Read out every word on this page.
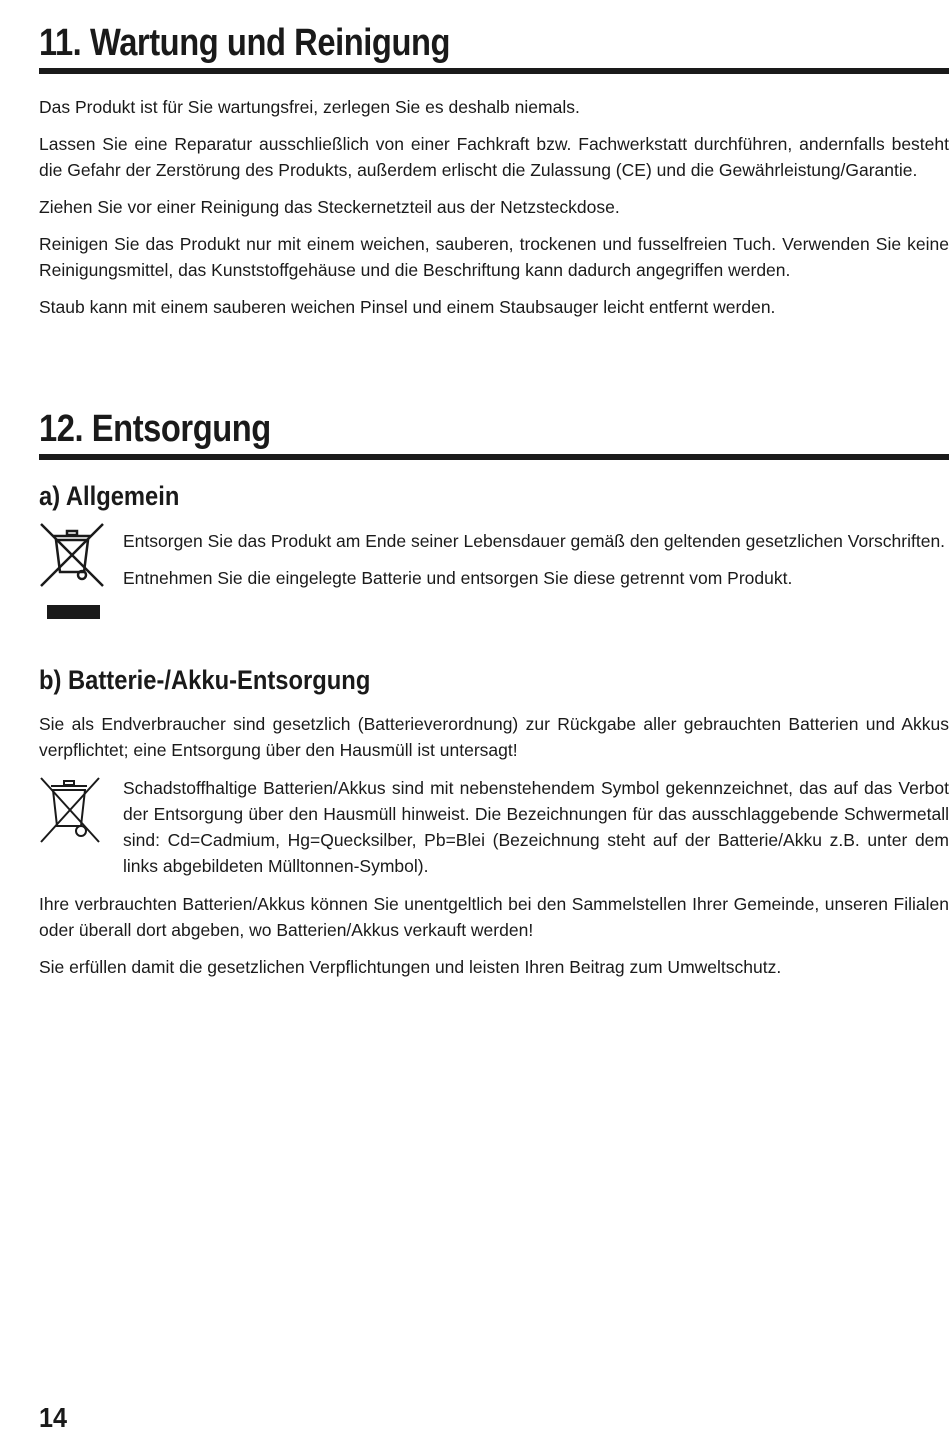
11. Wartung und Reinigung

Das Produkt ist für Sie wartungsfrei, zerlegen Sie es deshalb niemals.

Lassen Sie eine Reparatur ausschließlich von einer Fachkraft bzw. Fachwerkstatt durchführen, andernfalls besteht die Gefahr der Zerstörung des Produkts, außerdem erlischt die Zulassung (CE) und die Gewährleistung/Garantie.

Ziehen Sie vor einer Reinigung das Steckernetzteil aus der Netzsteckdose.

Reinigen Sie das Produkt nur mit einem weichen, sauberen, trockenen und fusselfreien Tuch. Verwenden Sie keine Reinigungsmittel, das Kunststoffgehäuse und die Beschriftung kann dadurch angegriffen werden.

Staub kann mit einem sauberen weichen Pinsel und einem Staubsauger leicht entfernt werden.

12. Entsorgung
a) Allgemein

Entsorgen Sie das Produkt am Ende seiner Lebensdauer gemäß den geltenden gesetzlichen Vorschriften.

Entnehmen Sie die eingelegte Batterie und entsorgen Sie diese getrennt vom Produkt.

b) Batterie-/Akku-Entsorgung

Sie als Endverbraucher sind gesetzlich (Batterieverordnung) zur Rückgabe aller gebrauchten Batterien und Akkus verpflichtet; eine Entsorgung über den Hausmüll ist untersagt!

Schadstoffhaltige Batterien/Akkus sind mit nebenstehendem Symbol gekennzeichnet, das auf das Verbot der Entsorgung über den Hausmüll hinweist. Die Bezeichnungen für das ausschlaggebende Schwermetall sind: Cd=Cadmium, Hg=Quecksilber, Pb=Blei (Bezeichnung steht auf der Batterie/Akku z.B. unter dem links abgebildeten Mülltonnen-Symbol).

Ihre verbrauchten Batterien/Akkus können Sie unentgeltlich bei den Sammelstellen Ihrer Gemeinde, unseren Filialen oder überall dort abgeben, wo Batterien/Akkus verkauft werden!

Sie erfüllen damit die gesetzlichen Verpflichtungen und leisten Ihren Beitrag zum Umweltschutz.

14
